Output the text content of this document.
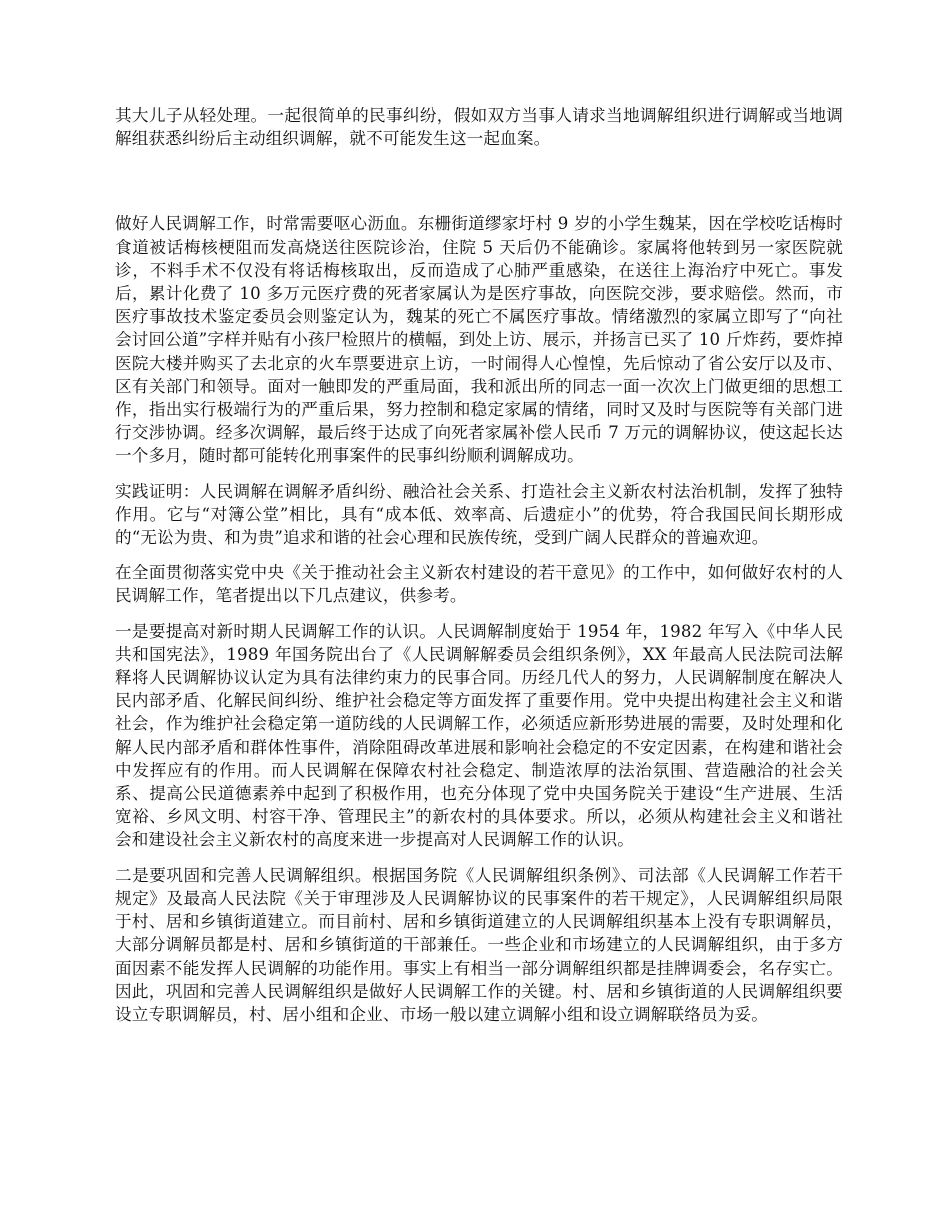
其大儿子从轻处理。一起很简单的民事纠纷，假如双方当事人请求当地调解组织进行调解或当地调解组获悉纠纷后主动组织调解，就不可能发生这一起血案。

做好人民调解工作，时常需要呕心沥血。东栅街道缪家圩村 9 岁的小学生魏某，因在学校吃话梅时食道被话梅核梗阻而发高烧送往医院诊治，住院 5 天后仍不能确诊。家属将他转到另一家医院就诊，不料手术不仅没有将话梅核取出，反而造成了心肺严重感染，在送往上海治疗中死亡。事发后，累计化费了 10 多万元医疗费的死者家属认为是医疗事故，向医院交涉，要求赔偿。然而，市医疗事故技术鉴定委员会则鉴定认为，魏某的死亡不属医疗事故。情绪激烈的家属立即写了“向社会讨回公道”字样并贴有小孩尸检照片的横幅，到处上访、展示，并扬言已买了 10 斤炸药，要炸掉医院大楼并购买了去北京的火车票要进京上访，一时闹得人心惶惶，先后惊动了省公安厅以及市、区有关部门和领导。面对一触即发的严重局面，我和派出所的同志一面一次次上门做更细的思想工作，指出实行极端行为的严重后果，努力控制和稳定家属的情绪，同时又及时与医院等有关部门进行交涉协调。经多次调解，最后终于达成了向死者家属补偿人民币 7 万元的调解协议，使这起长达一个多月，随时都可能转化刑事案件的民事纠纷顺利调解成功。

实践证明：人民调解在调解矛盾纠纷、融洽社会关系、打造社会主义新农村法治机制，发挥了独特作用。它与“对簿公堂”相比，具有“成本低、效率高、后遗症小”的优势，符合我国民间长期形成的“无讼为贵、和为贵”追求和谐的社会心理和民族传统，受到广阔人民群众的普遍欢迎。

在全面贯彻落实党中央《关于推动社会主义新农村建设的若干意见》的工作中，如何做好农村的人民调解工作，笔者提出以下几点建议，供参考。

一是要提高对新时期人民调解工作的认识。人民调解制度始于 1954 年，1982 年写入《中华人民共和国宪法》，1989 年国务院出台了《人民调解解委员会组织条例》，XX 年最高人民法院司法解释将人民调解协议认定为具有法律约束力的民事合同。历经几代人的努力，人民调解制度在解决人民内部矛盾、化解民间纠纷、维护社会稳定等方面发挥了重要作用。党中央提出构建社会主义和谐社会，作为维护社会稳定第一道防线的人民调解工作，必须适应新形势进展的需要，及时处理和化解人民内部矛盾和群体性事件，消除阻碍改革进展和影响社会稳定的不安定因素，在构建和谐社会中发挥应有的作用。而人民调解在保障农村社会稳定、制造浓厚的法治氛围、营造融洽的社会关系、提高公民道德素养中起到了积极作用，也充分体现了党中央国务院关于建设“生产进展、生活宽裕、乡风文明、村容干净、管理民主”的新农村的具体要求。所以，必须从构建社会主义和谐社会和建设社会主义新农村的高度来进一步提高对人民调解工作的认识。

二是要巩固和完善人民调解组织。根据国务院《人民调解组织条例》、司法部《人民调解工作若干规定》及最高人民法院《关于审理涉及人民调解协议的民事案件的若干规定》，人民调解组织局限于村、居和乡镇街道建立。而目前村、居和乡镇街道建立的人民调解组织基本上没有专职调解员，大部分调解员都是村、居和乡镇街道的干部兼任。一些企业和市场建立的人民调解组织，由于多方面因素不能发挥人民调解的功能作用。事实上有相当一部分调解组织都是挂牌调委会，名存实亡。因此，巩固和完善人民调解组织是做好人民调解工作的关键。村、居和乡镇街道的人民调解组织要设立专职调解员，村、居小组和企业、市场一般以建立调解小组和设立调解联络员为妥。
